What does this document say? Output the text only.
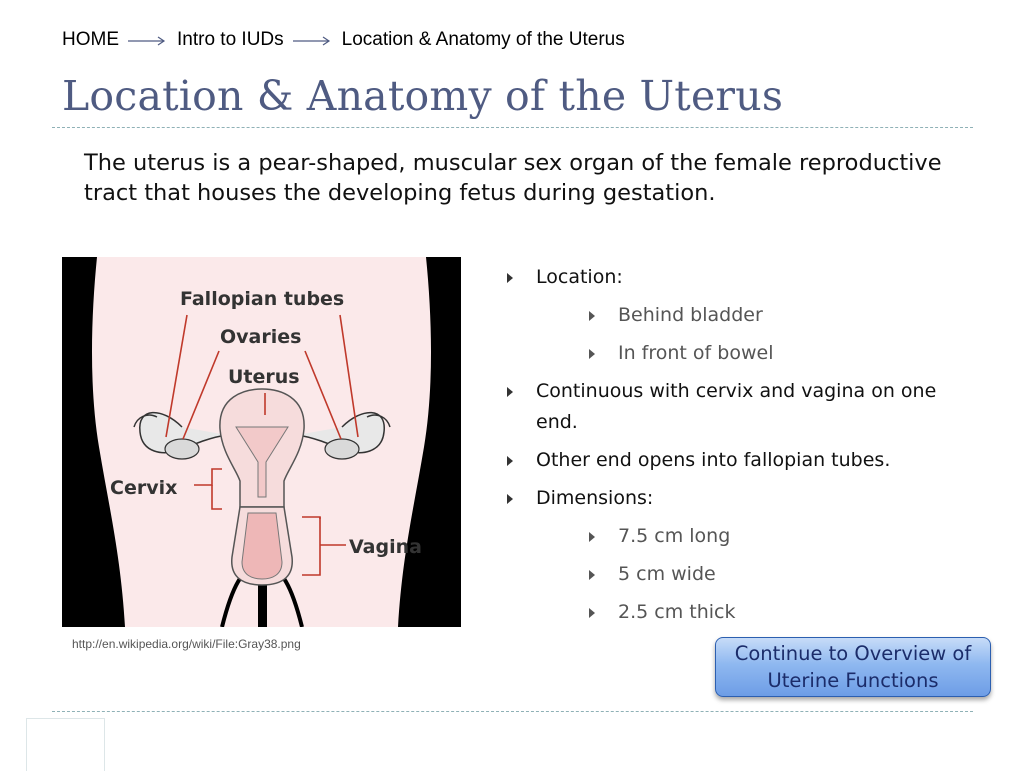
HOME	Intro to IUDs	Location & Anatomy of the Uterus
Location & Anatomy of the Uterus

The uterus is a pear-shaped, muscular sex organ of the female reproductive tract that houses the developing fetus during gestation.

Fallopian tubes
Ovaries
Uterus
Cervix
Vagina
http://en.wikipedia.org/wiki/File:Gray38.png
Location:
Behind bladder
In front of bowel
Continuous with cervix and vagina on one end.
Other end opens into fallopian tubes.
Dimensions:
7.5 cm long
5 cm wide
2.5 cm thick
Continue to Overview of Uterine Functions
